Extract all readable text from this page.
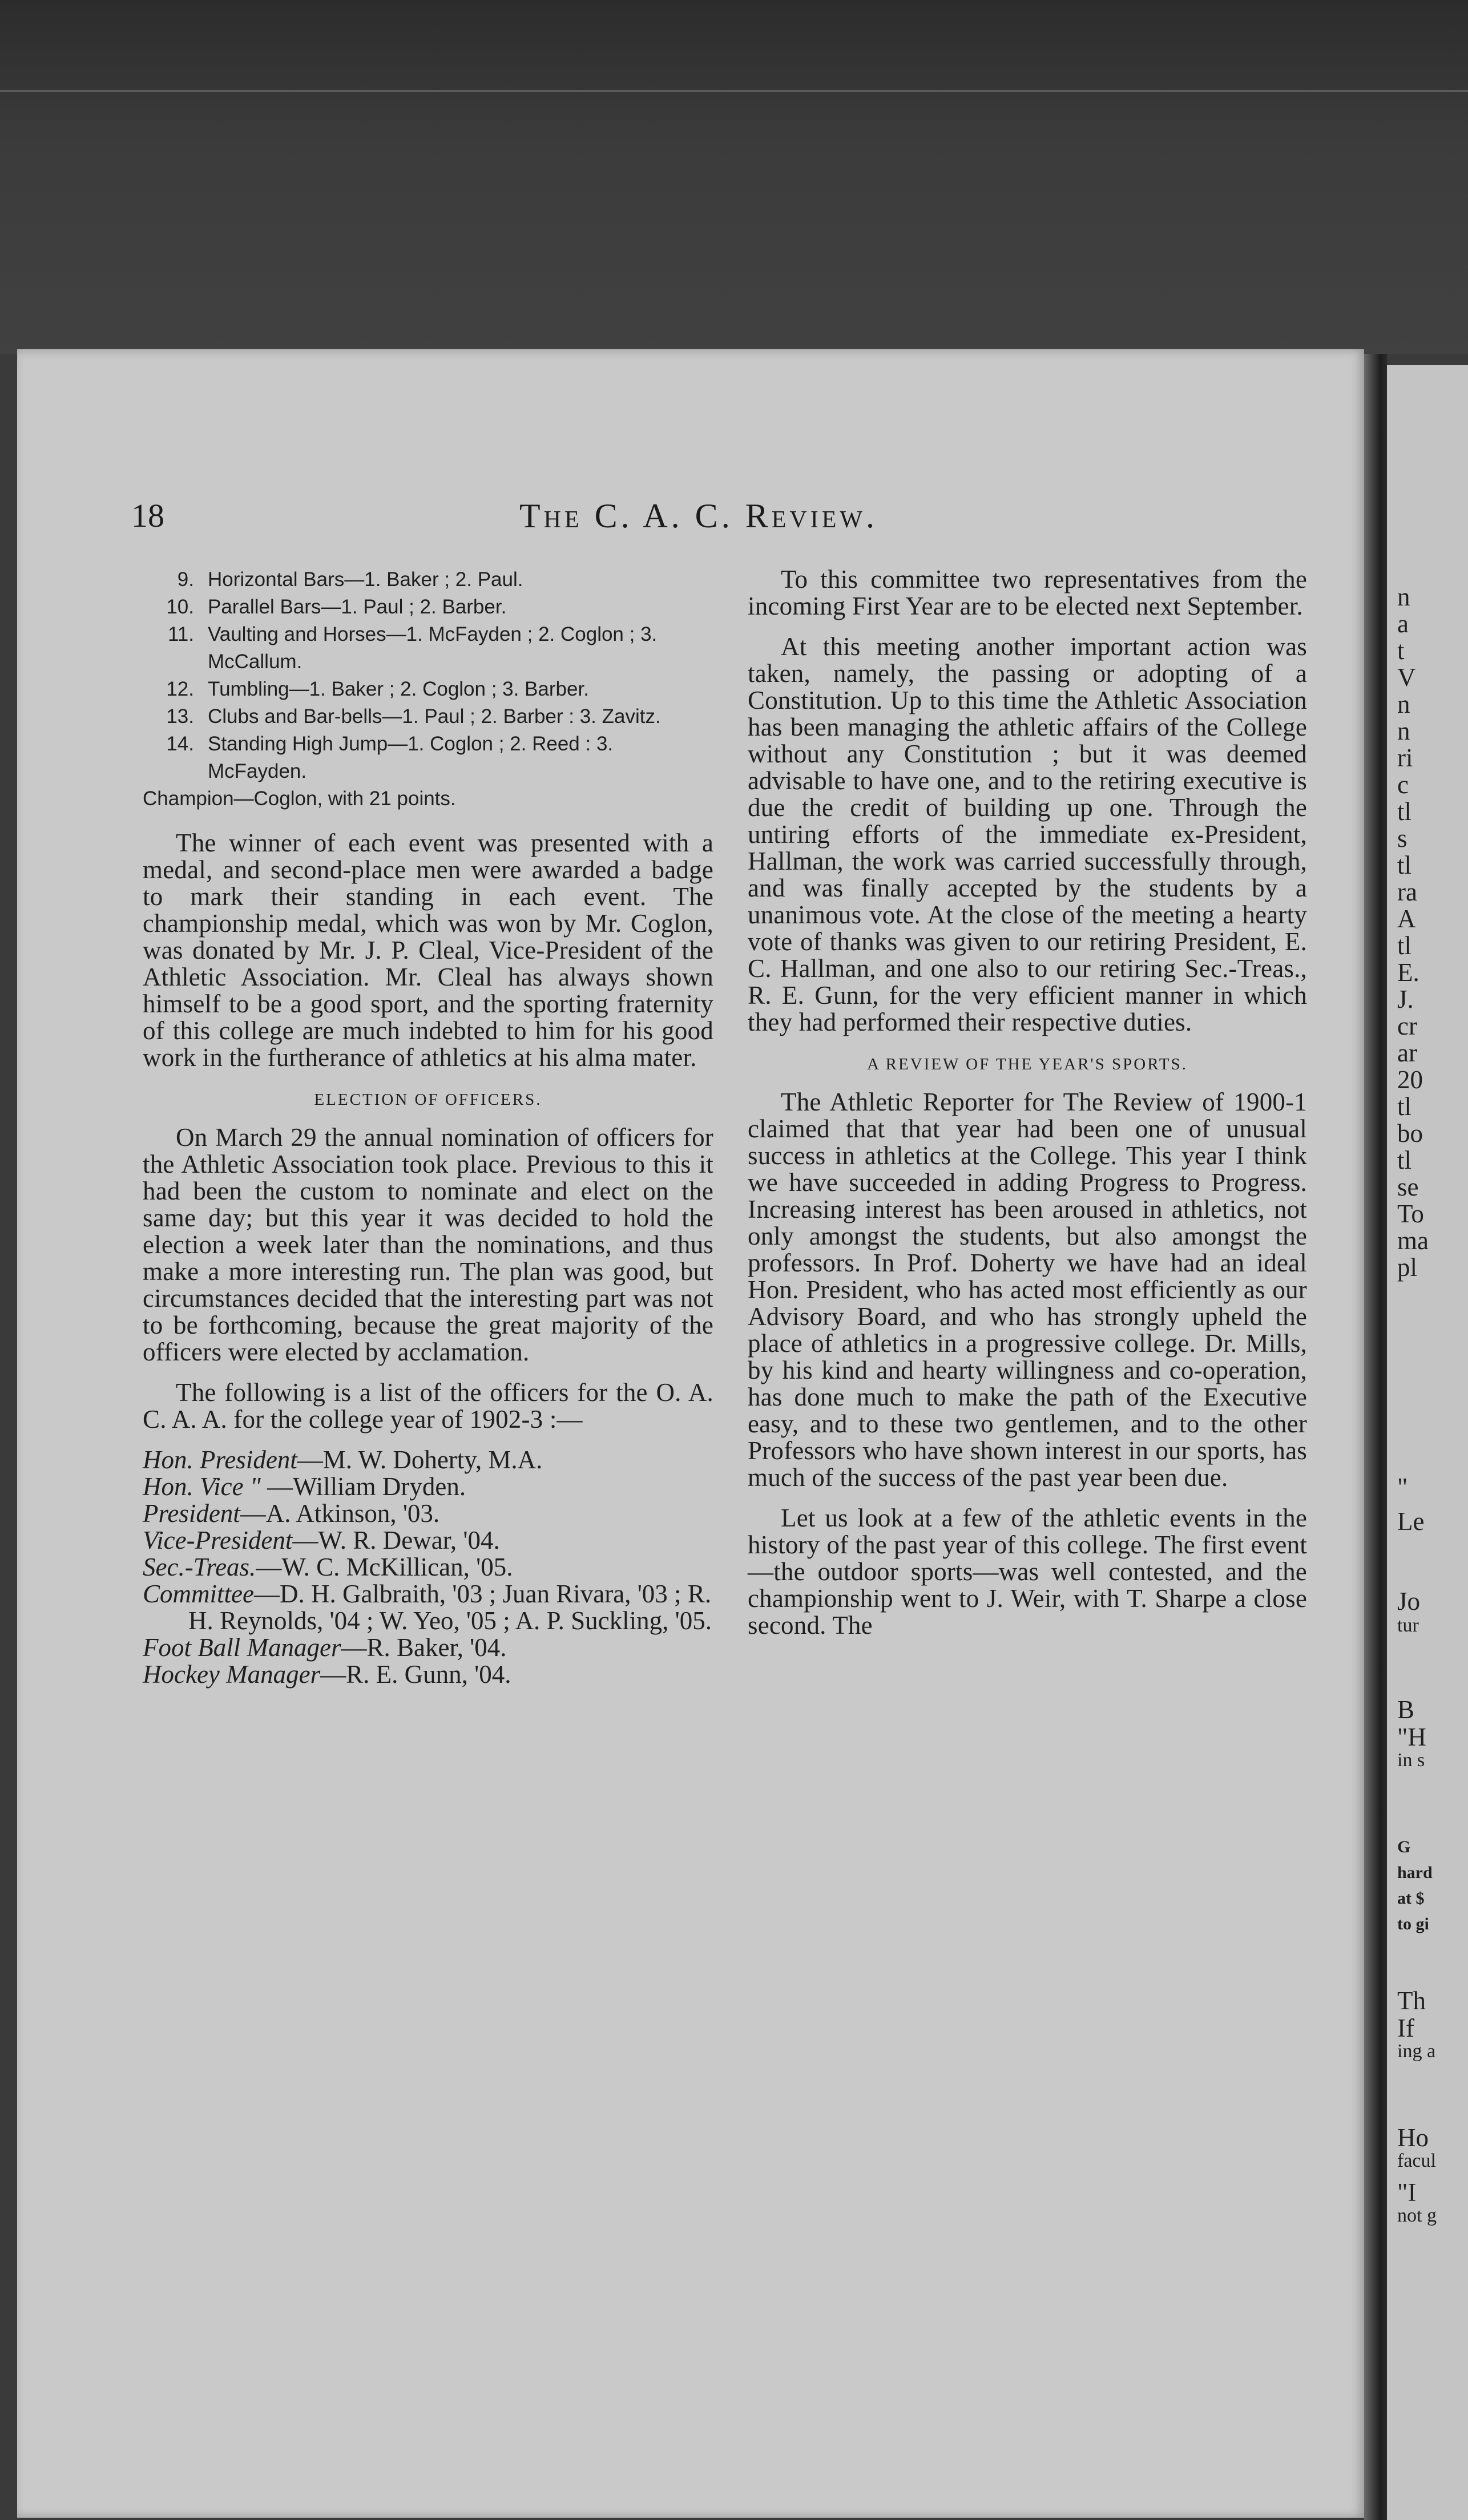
18	The C. A. C. Review.
9. Horizontal Bars—1. Baker ; 2. Paul.
10. Parallel Bars—1. Paul ; 2. Barber.
11. Vaulting and Horses—1. McFayden ; 2. Coglon ; 3. McCallum.
12. Tumbling—1. Baker ; 2. Coglon ; 3. Barber.
13. Clubs and Bar-bells—1. Paul ; 2. Barber : 3. Zavitz.
14. Standing High Jump—1. Coglon ; 2. Reed : 3. McFayden.

Champion—Coglon, with 21 points.

The winner of each event was presented with a medal, and second-place men were awarded a badge to mark their standing in each event. The championship medal, which was won by Mr. Coglon, was donated by Mr. J. P. Cleal, Vice-President of the Athletic Association. Mr. Cleal has always shown himself to be a good sport, and the sporting fraternity of this college are much indebted to him for his good work in the furtherance of athletics at his alma mater.

ELECTION OF OFFICERS.

On March 29 the annual nomination of officers for the Athletic Association took place. Previous to this it had been the custom to nominate and elect on the same day; but this year it was decided to hold the election a week later than the nominations, and thus make a more interesting run. The plan was good, but circumstances decided that the interesting part was not to be forthcoming, because the great majority of the officers were elected by acclamation.

The following is a list of the officers for the O. A. C. A. A. for the college year of 1902-3 :—

Hon. President—M. W. Doherty, M.A.
Hon. Vice " —William Dryden.
President—A. Atkinson, '03.
Vice-President—W. R. Dewar, '04.
Sec.-Treas.—W. C. McKillican, '05.
Committee—D. H. Galbraith, '03 ; Juan Rivara, '03 ; R. H. Reynolds, '04 ; W. Yeo, '05 ; A. P. Suckling, '05.
Foot Ball Manager—R. Baker, '04.
Hockey Manager—R. E. Gunn, '04.

To this committee two representatives from the incoming First Year are to be elected next September.

At this meeting another important action was taken, namely, the passing or adopting of a Constitution. Up to this time the Athletic Association has been managing the athletic affairs of the College without any Constitution ; but it was deemed advisable to have one, and to the retiring executive is due the credit of building up one. Through the untiring efforts of the immediate ex-President, Hallman, the work was carried successfully through, and was finally accepted by the students by a unanimous vote. At the close of the meeting a hearty vote of thanks was given to our retiring President, E. C. Hallman, and one also to our retiring Sec.-Treas., R. E. Gunn, for the very efficient manner in which they had performed their respective duties.

A REVIEW OF THE YEAR'S SPORTS.

The Athletic Reporter for The Review of 1900-1 claimed that that year had been one of unusual success in athletics at the College. This year I think we have succeeded in adding Progress to Progress. Increasing interest has been aroused in athletics, not only amongst the students, but also amongst the professors. In Prof. Doherty we have had an ideal Hon. President, who has acted most efficiently as our Advisory Board, and who has strongly upheld the place of athletics in a progressive college. Dr. Mills, by his kind and hearty willingness and co-operation, has done much to make the path of the Executive easy, and to these two gentlemen, and to the other Professors who have shown interest in our sports, has much of the success of the past year been due.

Let us look at a few of the athletic events in the history of the past year of this college. The first event—the outdoor sports—was well contested, and the championship went to J. Weir, with T. Sharpe a close second. The

n
a
t
V
n
n
ri
c
tl
s
tl
ra
A
tl
E.
J.
cr
ar
20
tl
bo
tl
se
To
ma
pl
"
Le
Jo
tur
B
"H
in s
G
hard
at $
to gi
Th
If
ing a
Ho
facul
"I
not g
